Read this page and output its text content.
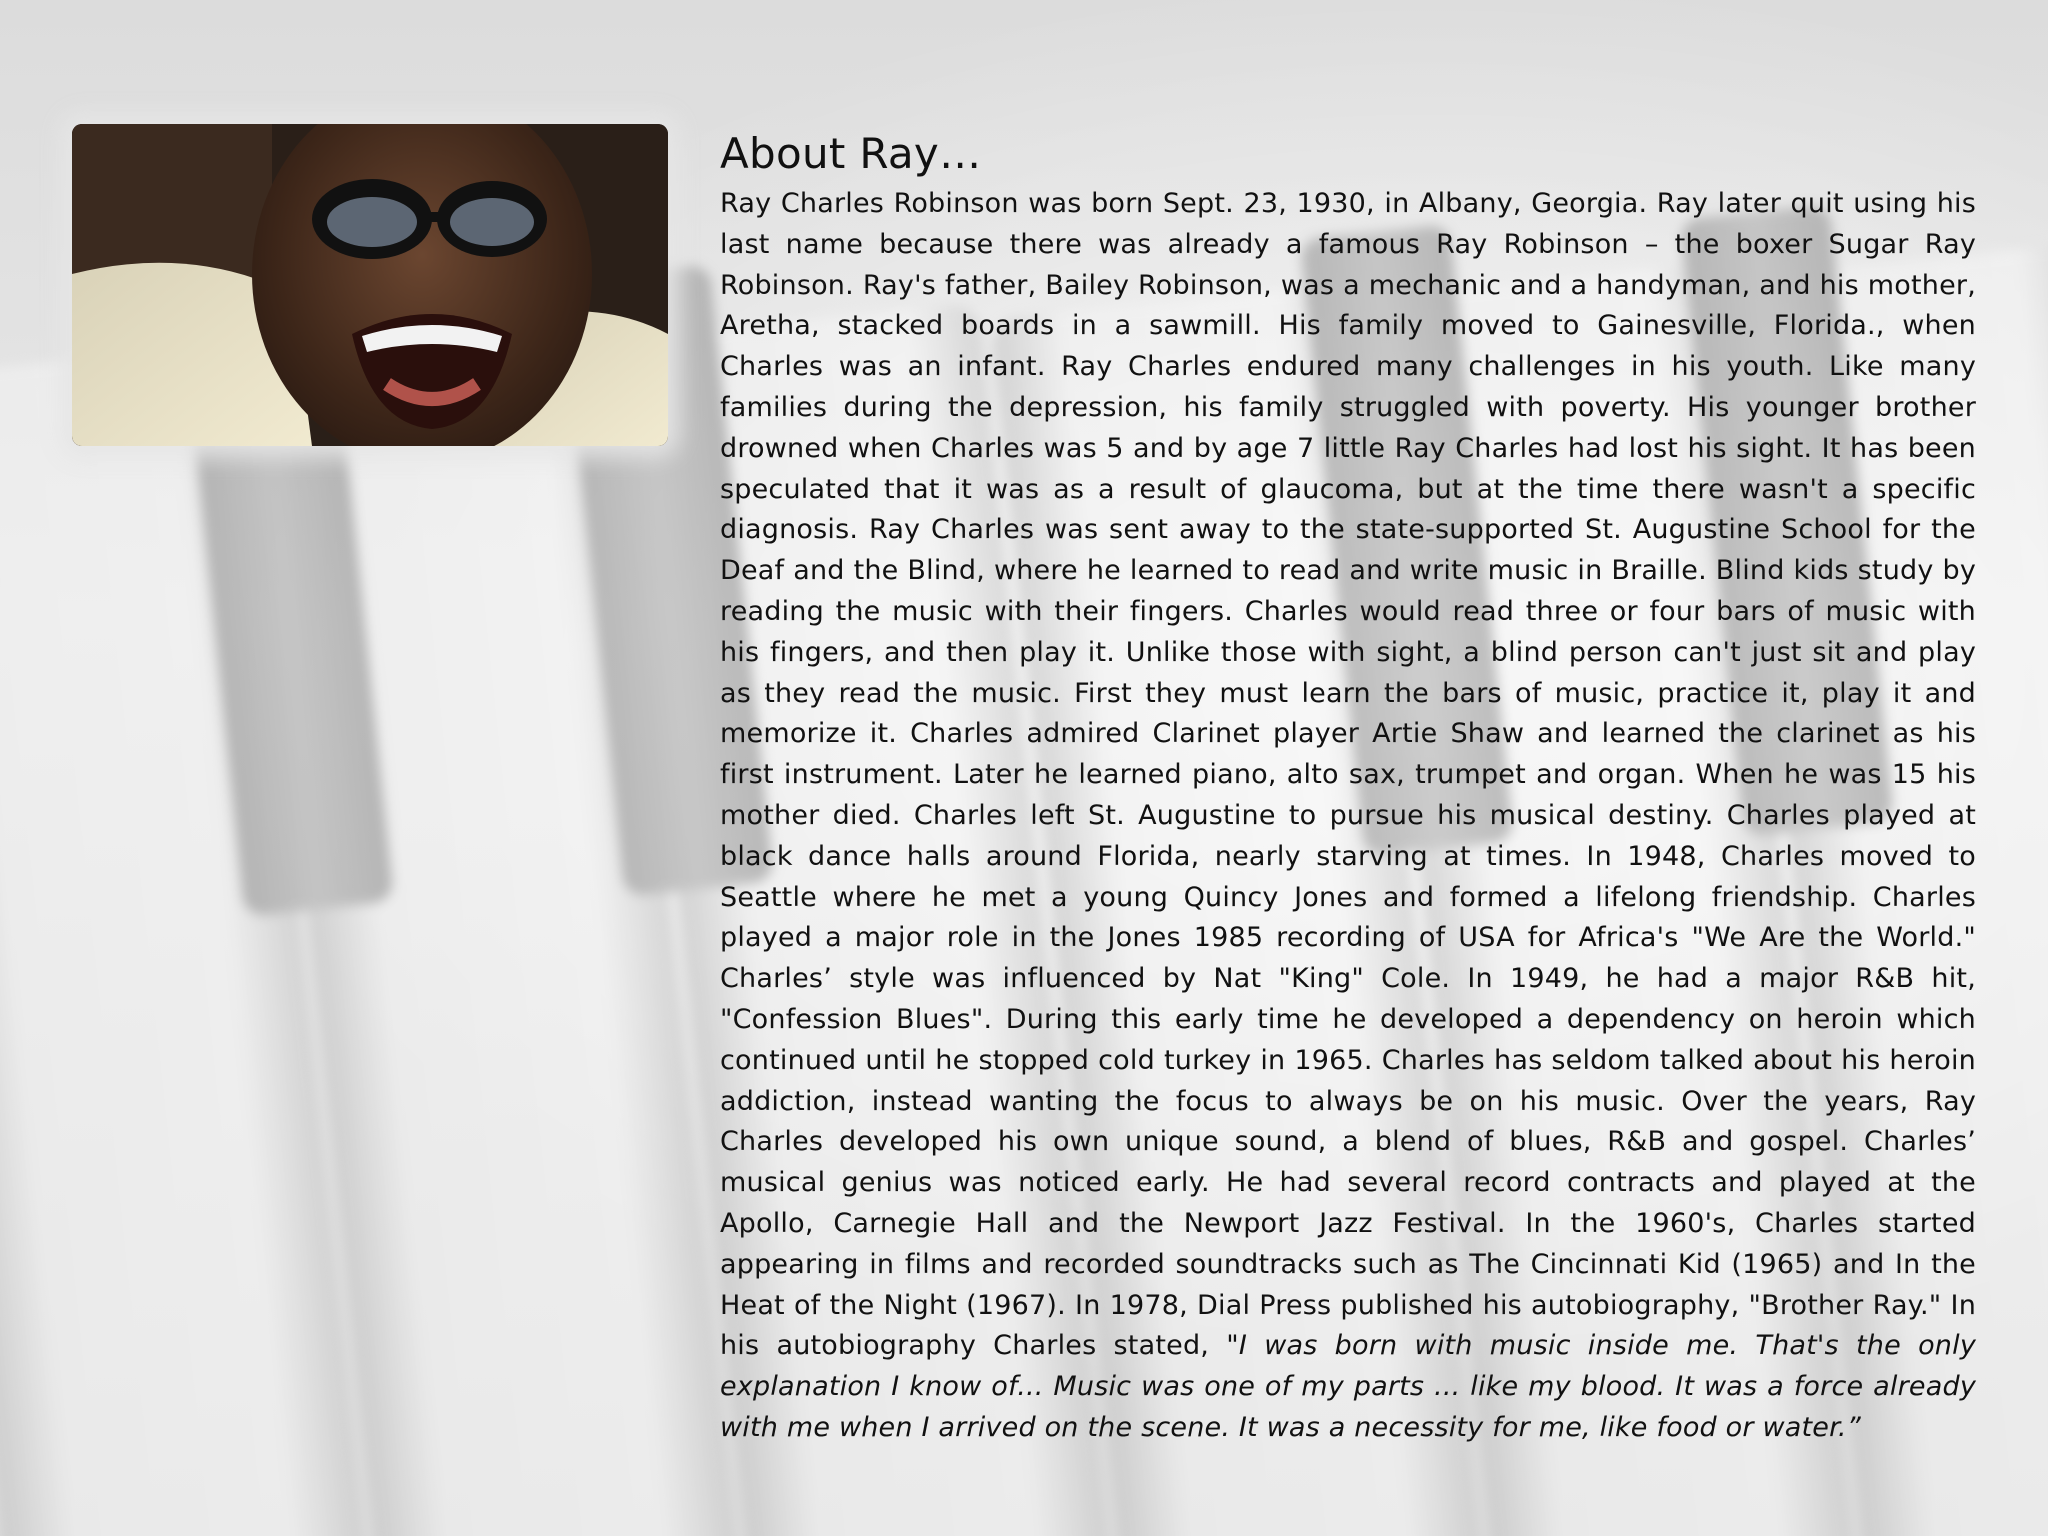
About Ray…

Ray Charles Robinson was born Sept. 23, 1930, in Albany, Georgia. Ray later quit using his last name because there was already a famous Ray Robinson – the boxer Sugar Ray Robinson. Ray's father, Bailey Robinson, was a mechanic and a handyman, and his mother, Aretha, stacked boards in a sawmill. His family moved to Gainesville, Florida., when Charles was an infant. Ray Charles endured many challenges in his youth. Like many families during the depression, his family struggled with poverty. His younger brother drowned when Charles was 5 and by age 7 little Ray Charles had lost his sight. It has been speculated that it was as a result of glaucoma, but at the time there wasn't a specific diagnosis. Ray Charles was sent away to the state-supported St. Augustine School for the Deaf and the Blind, where he learned to read and write music in Braille. Blind kids study by reading the music with their fingers. Charles would read three or four bars of music with his fingers, and then play it. Unlike those with sight, a blind person can't just sit and play as they read the music. First they must learn the bars of music, practice it, play it and memorize it. Charles admired Clarinet player Artie Shaw and learned the clarinet as his first instrument. Later he learned piano, alto sax, trumpet and organ. When he was 15 his mother died. Charles left St. Augustine to pursue his musical destiny. Charles played at black dance halls around Florida, nearly starving at times. In 1948, Charles moved to Seattle where he met a young Quincy Jones and formed a lifelong friendship. Charles played a major role in the Jones 1985 recording of USA for Africa's "We Are the World." Charles’ style was influenced by Nat "King" Cole. In 1949, he had a major R&B hit, "Confession Blues". During this early time he developed a dependency on heroin which continued until he stopped cold turkey in 1965. Charles has seldom talked about his heroin addiction, instead wanting the focus to always be on his music. Over the years, Ray Charles developed his own unique sound, a blend of blues, R&B and gospel. Charles’ musical genius was noticed early. He had several record contracts and played at the Apollo, Carnegie Hall and the Newport Jazz Festival. In the 1960's, Charles started appearing in films and recorded soundtracks such as The Cincinnati Kid (1965) and In the Heat of the Night (1967). In 1978, Dial Press published his autobiography, "Brother Ray." In his autobiography Charles stated, "I was born with music inside me. That's the only explanation I know of... Music was one of my parts ... like my blood. It was a force already with me when I arrived on the scene. It was a necessity for me, like food or water.”
